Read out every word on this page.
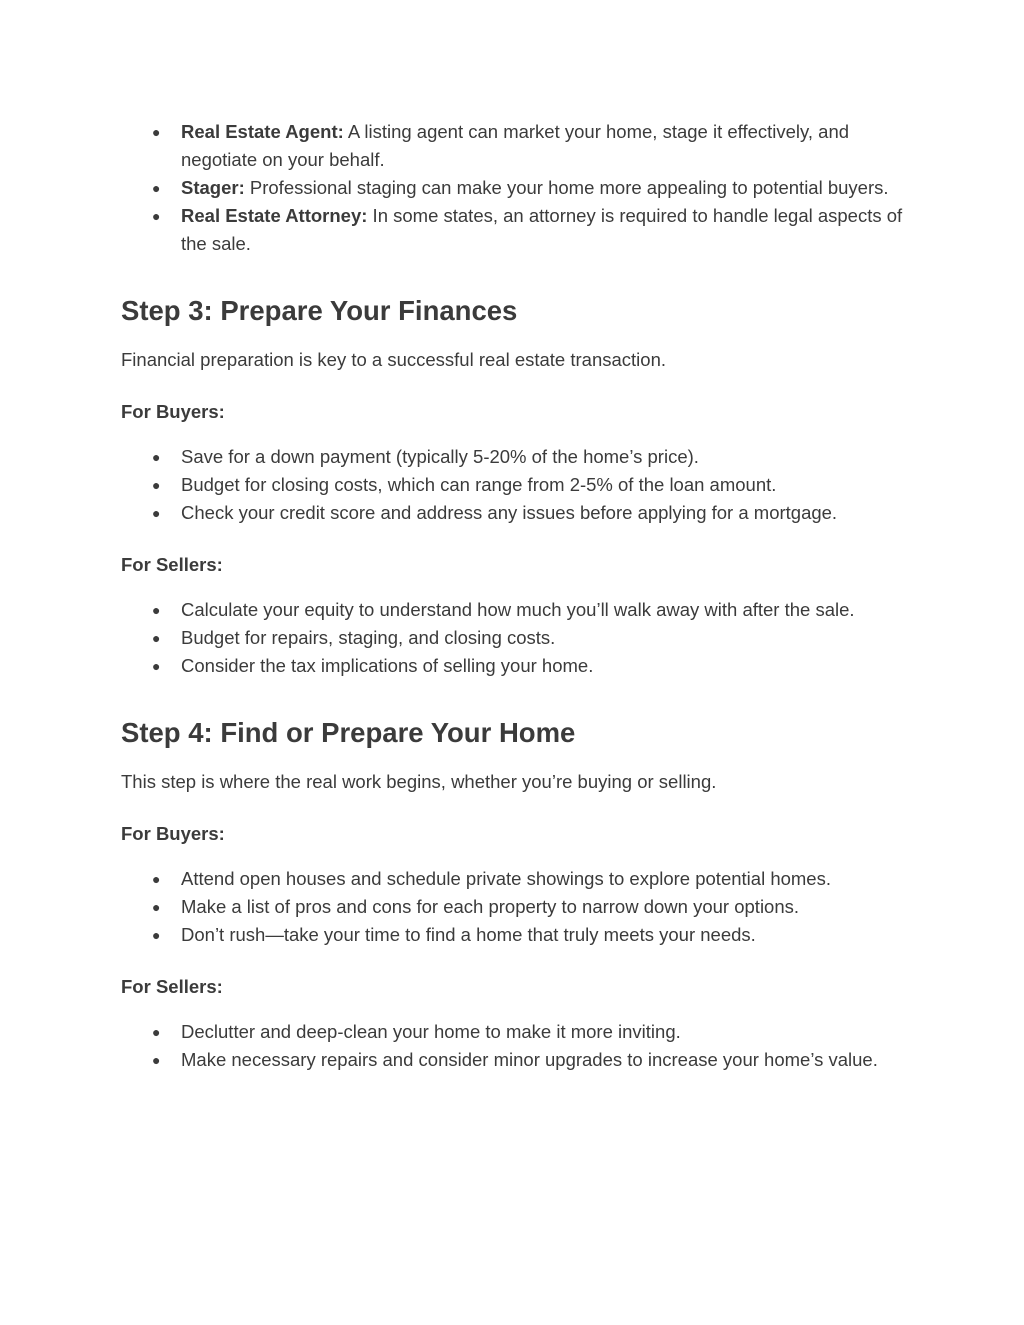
● Real Estate Agent: A listing agent can market your home, stage it effectively, and negotiate on your behalf.
● Stager: Professional staging can make your home more appealing to potential buyers.
● Real Estate Attorney: In some states, an attorney is required to handle legal aspects of the sale.
Step 3: Prepare Your Finances

Financial preparation is key to a successful real estate transaction.

For Buyers:
● Save for a down payment (typically 5-20% of the home’s price).
● Budget for closing costs, which can range from 2-5% of the loan amount.
● Check your credit score and address any issues before applying for a mortgage.
For Sellers:
● Calculate your equity to understand how much you’ll walk away with after the sale.
● Budget for repairs, staging, and closing costs.
● Consider the tax implications of selling your home.
Step 4: Find or Prepare Your Home

This step is where the real work begins, whether you’re buying or selling.

For Buyers:
● Attend open houses and schedule private showings to explore potential homes.
● Make a list of pros and cons for each property to narrow down your options.
● Don’t rush—take your time to find a home that truly meets your needs.
For Sellers:
● Declutter and deep-clean your home to make it more inviting.
● Make necessary repairs and consider minor upgrades to increase your home’s value.
